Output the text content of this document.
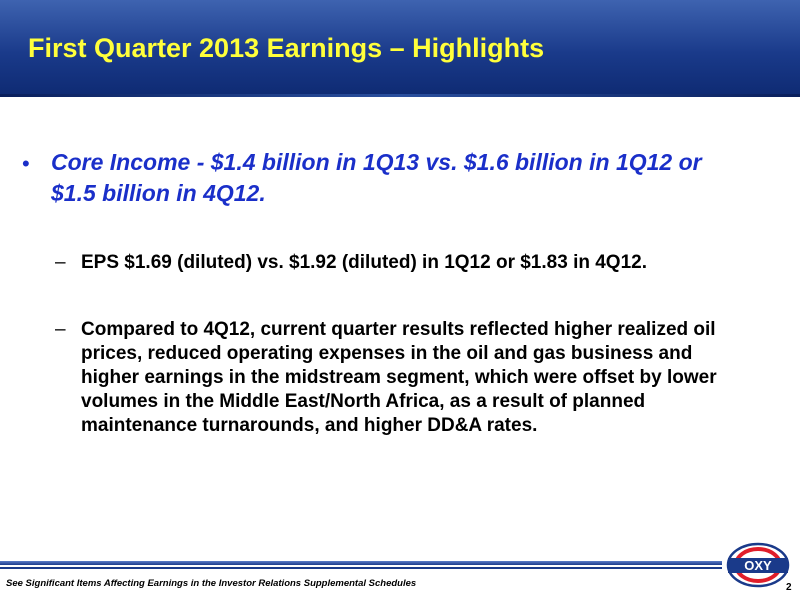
First Quarter 2013 Earnings – Highlights
• Core Income - $1.4 billion in 1Q13 vs. $1.6 billion in 1Q12 or $1.5 billion in 4Q12.
– EPS $1.69 (diluted) vs. $1.92 (diluted) in 1Q12 or $1.83 in 4Q12.
– Compared to 4Q12, current quarter results reflected higher realized oil prices, reduced operating expenses in the oil and gas business and higher earnings in the midstream segment, which were offset by lower volumes in the Middle East/North Africa, as a result of planned maintenance turnarounds, and higher DD&A rates.
See Significant Items Affecting Earnings in the Investor Relations Supplemental Schedules	2
OXY
